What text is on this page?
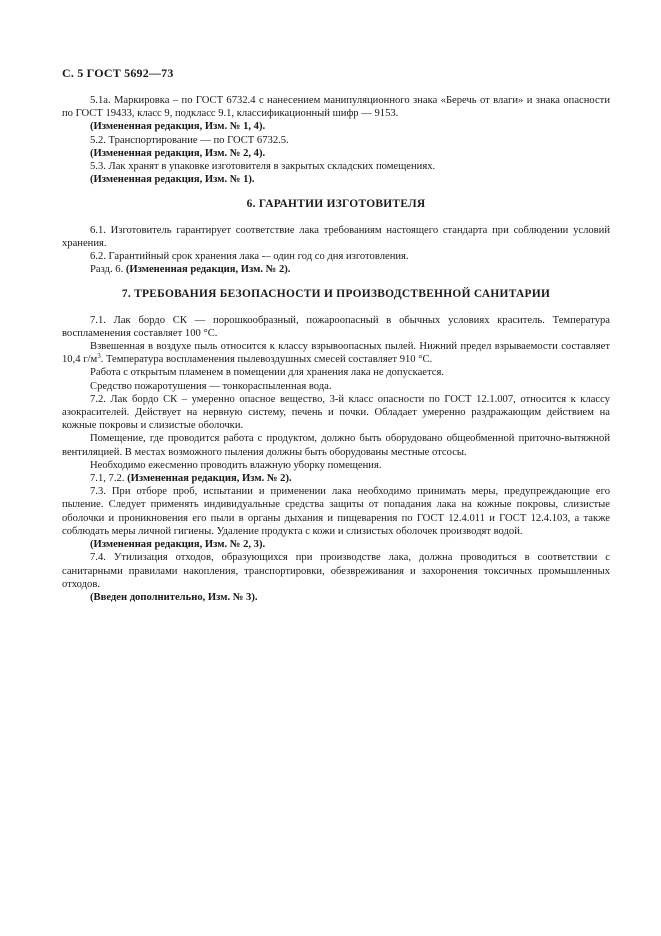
С. 5 ГОСТ 5692—73
5.1а. Маркировка – по ГОСТ 6732.4 с нанесением манипуляционного знака «Беречь от влаги» и знака опасности по ГОСТ 19433, класс 9, подкласс 9.1, классификационный шифр — 9153.
(Измененная редакция, Изм. № 1, 4).
5.2. Транспортирование — по ГОСТ 6732.5.
(Измененная редакция, Изм. № 2, 4).
5.3. Лак хранят в упаковке изготовителя в закрытых складских помещениях.
(Измененная редакция, Изм. № 1).
6. ГАРАНТИИ ИЗГОТОВИТЕЛЯ
6.1. Изготовитель гарантирует соответствие лака требованиям настоящего стандарта при соблюдении условий хранения.
6.2. Гарантийный срок хранения лака -– один год со дня изготовления.
Разд. 6. (Измененная редакция, Изм. № 2).
7. ТРЕБОВАНИЯ БЕЗОПАСНОСТИ И ПРОИЗВОДСТВЕННОЙ САНИТАРИИ
7.1. Лак бордо СК — порошкообразный, пожароопасный в обычных условиях краситель. Температура воспламенения составляет 100 °С.
Взвешенная в воздухе пыль относится к классу взрывоопасных пылей. Нижний предел взрываемости составляет 10,4 $г/м^3$. Температура воспламенения пылевоздушных смесей составляет 910 °С.
Работа с открытым пламенем в помещении для хранения лака не допускается.
Средство пожаротушения — тонкораспыленная вода.
7.2. Лак бордо СК – умеренно опасное вещество, 3-й класс опасности по ГОСТ 12.1.007, относится к классу азокрасителей. Действует на нервную систему, печень и почки. Обладает умеренно раздражающим действием на кожные покровы и слизистые оболочки.
Помещение, где проводится работа с продуктом, должно быть оборудовано общеобменной приточно-вытяжной вентиляцией. В местах возможного пыления должны быть оборудованы местные отсосы.
Необходимо ежесменно проводить влажную уборку помещения.
7.1, 7.2. (Измененная редакция, Изм. № 2).
7.3. При отборе проб, испытании и применении лака необходимо принимать меры, предупреждающие его пыление. Следует применять индивидуальные средства защиты от попадания лака на кожные покровы, слизистые оболочки и проникновения его пыли в органы дыхания и пищеварения по ГОСТ 12.4.011 и ГОСТ 12.4.103, а также соблюдать меры личной гигиены. Удаление продукта с кожи и слизистых оболочек производят водой.
(Измененная редакция, Изм. № 2, 3).
7.4. Утилизация отходов, образующихся при производстве лака, должна проводиться в соответствии с санитарными правилами накопления, транспортировки, обезвреживания и захоронения токсичных промышленных отходов.
(Введен дополнительно, Изм. № 3).
